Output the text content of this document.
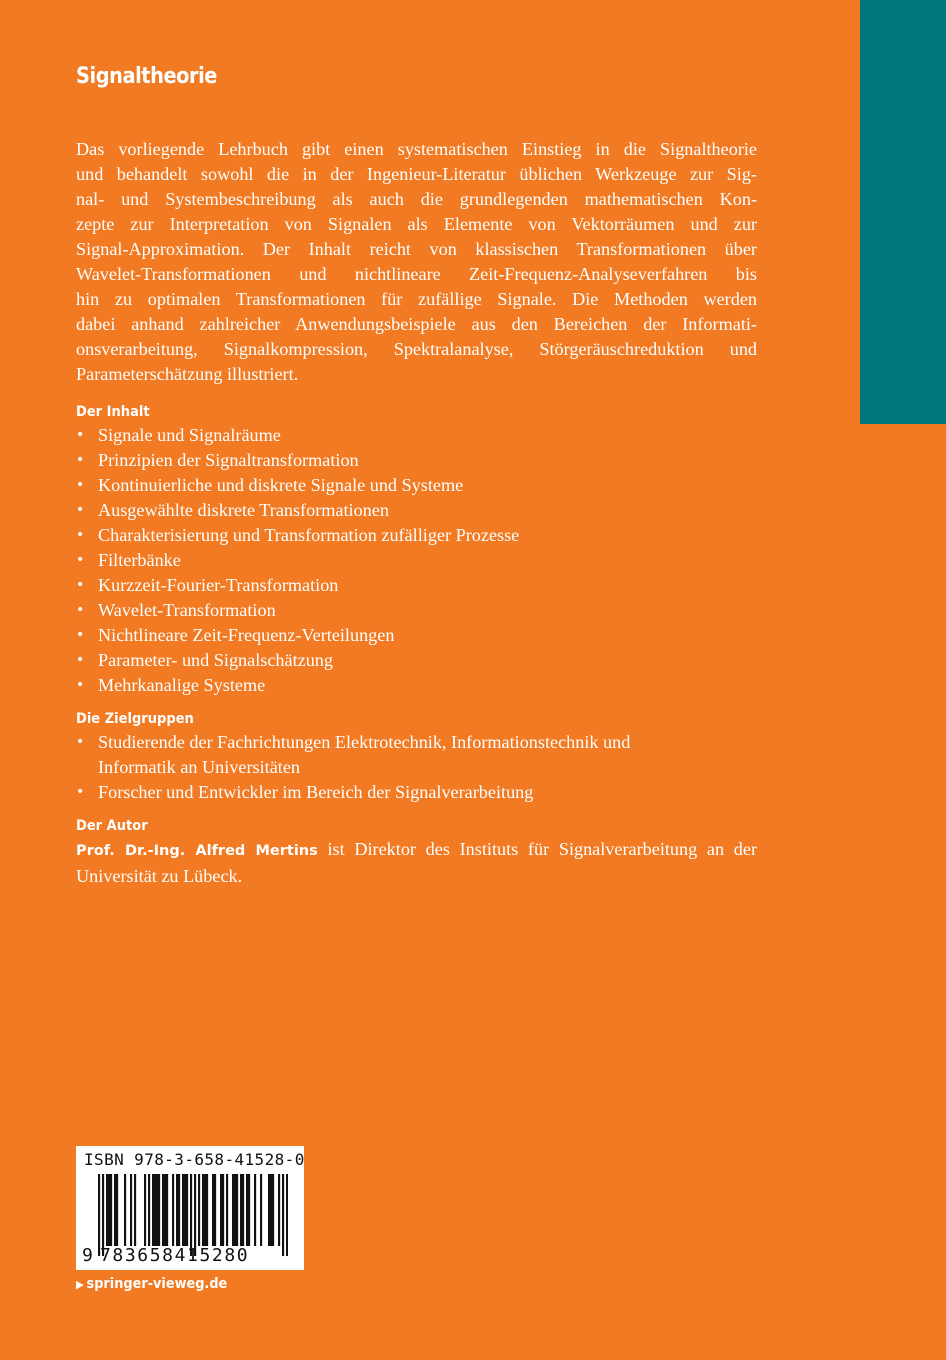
Signaltheorie

Das vorliegende Lehrbuch gibt einen systematischen Einstieg in die Signaltheorie
und behandelt sowohl die in der Ingenieur-Literatur üblichen Werkzeuge zur Sig-
nal- und Systembeschreibung als auch die grundlegenden mathematischen Kon-
zepte zur Interpretation von Signalen als Elemente von Vektorräumen und zur
Signal-Approximation. Der Inhalt reicht von klassischen Transformationen über
Wavelet-Transformationen und nichtlineare Zeit-Frequenz-Analyseverfahren bis
hin zu optimalen Transformationen für zufällige Signale. Die Methoden werden
dabei anhand zahlreicher Anwendungsbeispiele aus den Bereichen der Informati-
onsverarbeitung, Signalkompression, Spektralanalyse, Störgeräuschreduktion und
Parameterschätzung illustriert.

Der Inhalt
• Signale und Signalräume
• Prinzipien der Signaltransformation
• Kontinuierliche und diskrete Signale und Systeme
• Ausgewählte diskrete Transformationen
• Charakterisierung und Transformation zufälliger Prozesse
• Filterbänke
• Kurzzeit-Fourier-Transformation
• Wavelet-Transformation
• Nichtlineare Zeit-Frequenz-Verteilungen
• Parameter- und Signalschätzung
• Mehrkanalige Systeme
Die Zielgruppen
• Studierende der Fachrichtungen Elektrotechnik, Informationstechnik und
Informatik an Universitäten
• Forscher und Entwickler im Bereich der Signalverarbeitung
Der Autor

Prof. Dr.-Ing. Alfred Mertins ist Direktor des Instituts für Signalverarbeitung an der Universität zu Lübeck.

ISBN 978-3-658-41528-0
9 783658415280
▶ springer-vieweg.de
